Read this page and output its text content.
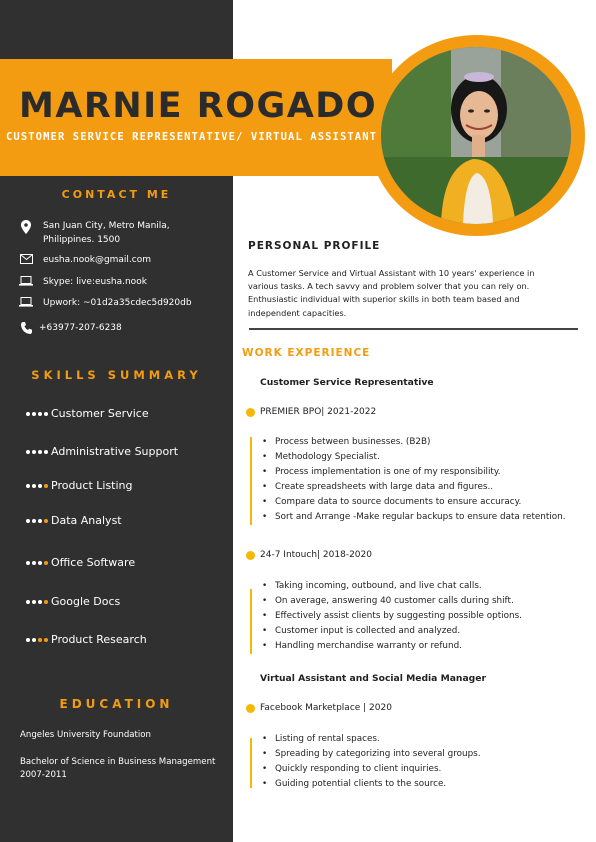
MARNIE ROGADO
CUSTOMER SERVICE REPRESENTATIVE/ VIRTUAL ASSISTANT
CONTACT ME
San Juan City, Metro Manila,
Philippines. 1500
eusha.nook@gmail.com
Skype: live:eusha.nook
Upwork: ~01d2a35cdec5d920db
+63977-207-6238
SKILLS SUMMARY
Customer Service
Administrative Support
Product Listing
Data Analyst
Office Software
Google Docs
Product Research
EDUCATION
Angeles University Foundation
Bachelor of Science in Business Management
2007-2011
PERSONAL PROFILE
A Customer Service and Virtual Assistant with 10 years' experience in various tasks. A tech savvy and problem solver that you can rely on. Enthusiastic individual with superior skills in both team based and independent capacities.
WORK EXPERIENCE
Customer Service Representative
PREMIER BPO| 2021-2022
• Process between businesses. (B2B)
• Methodology Specialist.
• Process implementation is one of my responsibility.
• Create spreadsheets with large data and figures..
• Compare data to source documents to ensure accuracy.
• Sort and Arrange -Make regular backups to ensure data retention.
24-7 Intouch| 2018-2020
• Taking incoming, outbound, and live chat calls.
• On average, answering 40 customer calls during shift.
• Effectively assist clients by suggesting possible options.
• Customer input is collected and analyzed.
• Handling merchandise warranty or refund.
Virtual Assistant and Social Media Manager
Facebook Marketplace | 2020
• Listing of rental spaces.
• Spreading by categorizing into several groups.
• Quickly responding to client inquiries.
• Guiding potential clients to the source.
